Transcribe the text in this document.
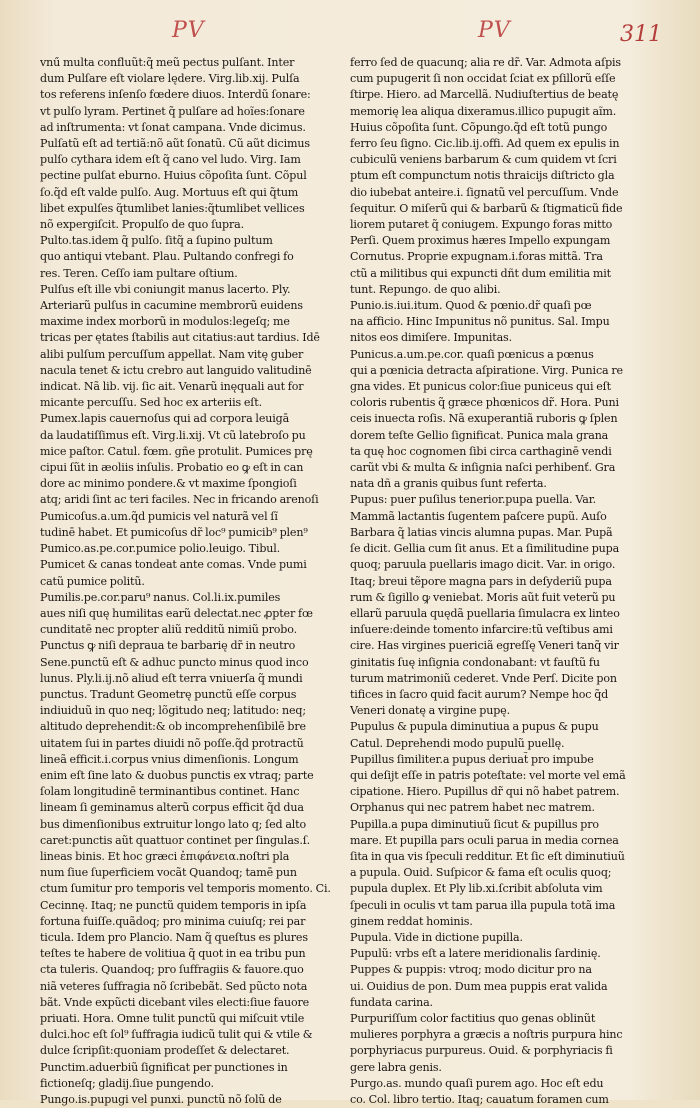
PV	PV	311

vnű multa confluũt:q̃ meũ pectus pulſant. Inter

dum Pulſare eſt violare lędere. Virg.lib.xij. Pulſa

tos referens inſenſo fœdere diuos. Interdũ ſonare:

vt pulſo lyram. Pertinet q̃ pulſare ad hoĩes:ſonare

ad inſtrumenta: vt ſonat campana. Vnde dicimus.

Pulſatũ eſt ad tertiã:nõ aũt ſonatũ. Cũ aũt dicimus

pulſo cythara idem eſt q̃ cano vel ludo. Virg. Iam

pectine pulſat eburno. Huius cõpoſita ſunt. Cõpul

ſo.q̃d eſt valde pulſo. Aug. Mortuus eſt qui q̃tum

libet expulſes q̃tumlibet lanies:q̃tumlibet vellices

nõ expergiſcit. Propulſo de quo ſupra.

Pulto.tas.idem q̃ pulſo. ſitq̃ a ſupino pultum

quo antiqui vtebant. Plau. Pultando confregi fo

res. Teren. Ceſſo iam pultare oſtium.

Pulſus eſt ille vbi coniungit manus lacerto. Ply.

Arteriarũ pulſus in cacumine membrorũ euidens

maxime index morborũ in modulos:legeſq; me

tricas per ętates ſtabilis aut citatius:aut tardius. Idē

alibi pulſum percuſſum appellat. Nam vitę guber

nacula tenet & ictu crebro aut languido valitudinē

indicat. Nã lib. vij. ſic ait. Venarũ inęquali aut for

micante percuſſu. Sed hoc ex arteriis eſt.

Pumex.lapis cauernoſus qui ad corpora leuigā

da laudatiſſimus eſt. Virg.li.xij. Vt cũ latebroſo pu

mice paſtor. Catul. fœm. gñe protulit. Pumices prę

cipui ſũt in æoliis inſulis. Probatio eo ꝙ eſt in can

dore ac minimo pondere.& vt maxime ſpongioſi

atq; aridi ſint ac teri faciles. Nec in fricando arenoſi

Pumicoſus.a.um.q̃d pumicis vel naturã vel ſĩ

tudinē habet. Et pumicoſus dr̃ loc⁹ pumicib⁹ plen⁹

Pumico.as.pe.cor.pumice polio.leuigo. Tibul.

Pumicet & canas tondeat ante comas. Vnde pumi

catũ pumice politũ.

Pumilis.pe.cor.paru⁹ nanus. Col.li.ix.pumiles

aues niſi quę humilitas earũ delectat.nec ꝓpter fœ

cunditatē nec propter aliũ redditũ nimiũ probo.

Punctus ꝙ niſi depraua te barbarię dr̃ in neutro

Sene.punctũ eſt & adhuc puncto minus quod inco

lunus. Ply.li.ij.nõ aliud eſt terra vniuerſa q̃ mundi

punctus. Tradunt Geometrę punctũ eſſe corpus

indiuiduũ in quo neq; lõgitudo neq; latitudo: neq;

altitudo deprehendit:& ob incomprehenſibilē bre

uitatem ſui in partes diuidi nõ poſſe.q̃d protractũ

lineã efficit.i.corpus vnius dimenſionis. Longum

enim eſt ſine lato & duobus punctis ex vtraq; parte

ſolam longitudinē terminantibus continet. Hanc

lineam ſi geminamus alterũ corpus efficit q̃d dua

bus dimenſionibus extruitur longo lato q; ſed alto

caret:punctis aũt quattuor continet per ſingulas.ſ.

lineas binis. Et hoc græci ἐπιφάνεια.noſtri pla

num ſiue ſuperficiem vocãt Quandoq; tamē pun

ctum ſumitur pro temporis vel temporis momento. Ci.

Cecinnę. Itaq; ne punctũ quidem temporis in ipſa

fortuna fuiſſe.quãdoq; pro minima cuiuſq; rei par

ticula. Idem pro Plancio. Nam q̃ queſtus es plures

teſtes te habere de volitiua q̃ quot in ea tribu pun

cta tuleris. Quandoq; pro ſuffragiis & fauore.quo

niã veteres ſuffragia nõ ſcribebãt. Sed pũcto nota

bãt. Vnde expũcti dicebant viles electi:ſiue fauore

priuati. Hora. Omne tulit punctũ qui miſcuit vtile

dulci.hoc eſt ſol⁹ ſuffragia iudicũ tulit qui & vtile &

dulce ſcripſit:quoniam prodeſſet & delectaret.

Punctim.aduerbiũ ſignificat per punctiones in

fictioneſq; gladij.ſiue pungendo.

Pungo.is.pupugi vel punxi. punctũ nõ ſolũ de

ferro ſed de quacunq; alia re dr̃. Var. Admota aſpis

cum pupugerit ſi non occidat ſciat ex pſillorũ eſſe

ſtirpe. Hiero. ad Marcellã. Nudiuſtertius de beatę

memorię lea aliqua dixeramus.illico pupugit aĩm.

Huius cõpoſita ſunt. Cõpungo.q̃d eſt totũ pungo

ferro ſeu ſigno. Cic.lib.ij.offi. Ad quem ex epulis in

cubiculũ veniens barbarum & cum quidem vt ſcri

ptum eſt compunctum notis thraicijs diſtricto gla

dio iubebat anteire.i. ſignatũ vel percuſſum. Vnde

ſequitur. O miſerũ qui & barbarũ & ſtigmaticũ fide

liorem putaret q̃ coniugem. Expungo foras mitto

Perſi. Quem proximus hæres Impello expungam

Cornutus. Proprie expugnam.i.foras mittã. Tra

ctũ a militibus qui expuncti dñt dum emilitia mit

tunt. Repungo. de quo alibi.

Punio.is.iui.itum. Quod & pœnio.dr̃ quaſi pœ

na afficio. Hinc Impunitus nõ punitus. Sal. Impu

nitos eos dimiſere. Impunitas.

Punicus.a.um.pe.cor. quaſi pœnicus a pœnus

qui a pœnicia detracta aſpiratione. Virg. Punica re

gna vides. Et punicus color:ſiue puniceus qui eſt

coloris rubentis q̃ græce phœnicos dr̃. Hora. Puni

ceis inuecta roſis. Nã exuperantiã ruboris ꝙ ſplen

dorem teſte Gellio ſignificat. Punica mala grana

ta quę hoc cognomen ſibi circa carthaginē vendi

carũt vbi & multa & inſignia naſci perhibenť. Gra

nata dñ a granis quibus ſunt referta.

Pupus: puer puſilus tenerior.pupa puella. Var.

Mammã lactantis ſugentem paſcere pupũ. Auſo

Barbara q̃ latias vincis alumna pupas. Mar. Pupã

ſe dicit. Gellia cum ſit anus. Et a ſimilitudine pupa

quoq; paruula puellaris imago dicit. Var. in origo.

Itaq; breui tẽpore magna pars in deſyderiũ pupa

rum & ſigillo ꝙ veniebat. Moris aũt fuit veterũ pu

ellarũ paruula quędã puellaria ſimulacra ex linteo

inſuere:deinde tomento infarcire:tũ veſtibus ami

cire. Has virgines puericiã egreſſę Veneri tanq̃ vir

ginitatis ſuę inſignia condonabant: vt fauſtũ fu

turum matrimoniũ cederet. Vnde Perſ. Dicite pon

tifices in ſacro quid facit aurum? Nempe hoc q̃d

Veneri donatę a virgine pupę.

Pupulus & pupula diminutiua a pupus & pupu

Catul. Deprehendi modo pupulũ puellę.

Pupillus ſimiliter.a pupus deriuat̃ pro impube

qui deſijt eſſe in patris poteſtate: vel morte vel emã

cipatione. Hiero. Pupillus dr̃ qui nõ habet patrem.

Orphanus qui nec patrem habet nec matrem.

Pupilla.a pupa diminutiuũ ſicut & pupillus pro

mare. Et pupilla pars oculi parua in media cornea

ſita in qua vis ſpeculi redditur. Et ſic eſt diminutiuũ

a pupula. Ouid. Suſpicor & fama eſt oculis quoq;

pupula duplex. Et Ply lib.xi.ſcribit abſoluta vim

ſpeculi in oculis vt tam parua illa pupula totã ima

ginem reddat hominis.

Pupula. Vide in dictione pupilla.

Pupulũ: vrbs eſt a latere meridionalis ſardinię.

Puppes & puppis: vtroq; modo dicitur pro na

ui. Ouidius de pon. Dum mea puppis erat valida

fundata carina.

Purpuriſſum color factitius quo genas oblinũt

mulieres porphyra a græcis a noſtris purpura hinc

porphyriacus purpureus. Ouid. & porphyriacis fi

gere labra genis.

Purgo.as. mundo quaſi purem ago. Hoc eſt edu

co. Col. libro tertio. Itaq; cauatum foramen cum
